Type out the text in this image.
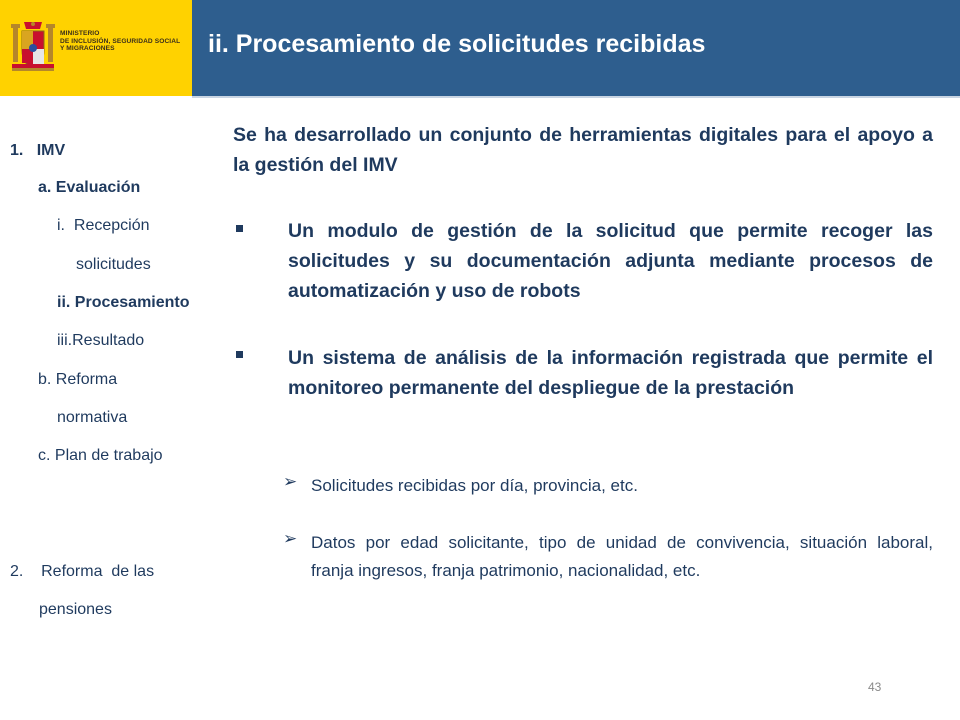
MINISTERIO
DE INCLUSIÓN, SEGURIDAD SOCIAL
Y MIGRACIONES	ii. Procesamiento de solicitudes recibidas
1. IMV
a. Evaluación
i. Recepción
solicitudes
ii. Procesamiento
iii.Resultado
b. Reforma
normativa
c. Plan de trabajo
2. Reforma  de las
pensiones
Se ha desarrollado un conjunto de herramientas digitales para el apoyo a la gestión del IMV
Un modulo de gestión de la solicitud que permite recoger las solicitudes y su documentación adjunta mediante procesos de automatización y uso de robots
Un sistema de análisis de la información registrada que permite el monitoreo permanente del despliegue de la prestación
➢ Solicitudes recibidas por día, provincia, etc.
➢ Datos por edad solicitante, tipo de unidad de convivencia, situación laboral,   franja ingresos, franja patrimonio, nacionalidad, etc.
43
